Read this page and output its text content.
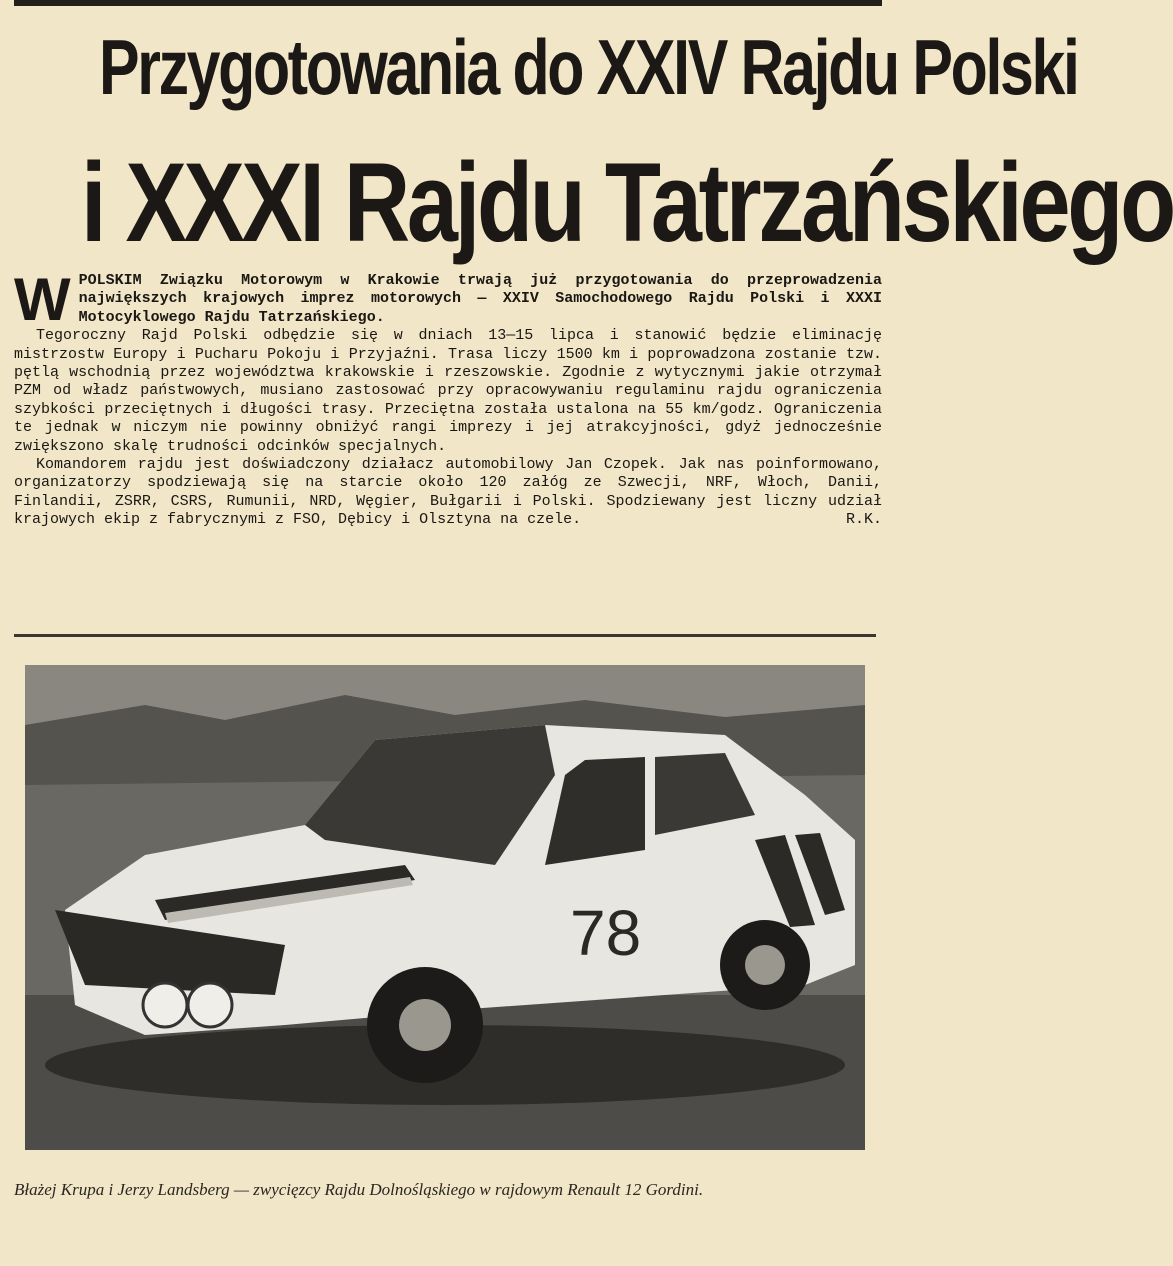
Przygotowania do XXIV Rajdu Polski
i XXXI Rajdu Tatrzańskiego
W POLSKIM Związku Motorowym w Krakowie trwają już przygotowania do przeprowadzenia największych krajowych imprez motorowych — XXIV Samochodowego Rajdu Polski i XXXI Motocyklowego Rajdu Tatrzańskiego.

Tegoroczny Rajd Polski odbędzie się w dniach 13—15 lipca i stanowić będzie eliminację mistrzostw Europy i Pucharu Pokoju i Przyjaźni. Trasa liczy 1500 km i poprowadzona zostanie tzw. pętlą wschodnią przez województwa krakowskie i rzeszowskie. Zgodnie z wytycznymi jakie otrzymał PZM od władz państwowych, musiano zastosować przy opracowywaniu regulaminu rajdu ograniczenia szybkości przeciętnych i długości trasy. Przeciętna została ustalona na 55 km/godz. Ograniczenia te jednak w niczym nie powinny obniżyć rangi imprezy i jej atrakcyjności, gdyż jednocześnie zwiększono skalę trudności odcinków specjalnych.

Komandorem rajdu jest doświadczony działacz automobilowy Jan Czopek. Jak nas poinformowano, organizatorzy spodziewają się na starcie około 120 załóg ze Szwecji, NRF, Włoch, Danii, Finlandii, ZSRR, CSRS, Rumunii, NRD, Węgier, Bułgarii i Polski. Spodziewany jest liczny udział krajowych ekip z fabrycznymi z FSO, Dębicy i Olsztyna na czele.	R.K.

78
Błażej Krupa i Jerzy Landsberg — zwycięzcy Rajdu Dolnośląskiego w rajdowym Renault 12 Gordini.
